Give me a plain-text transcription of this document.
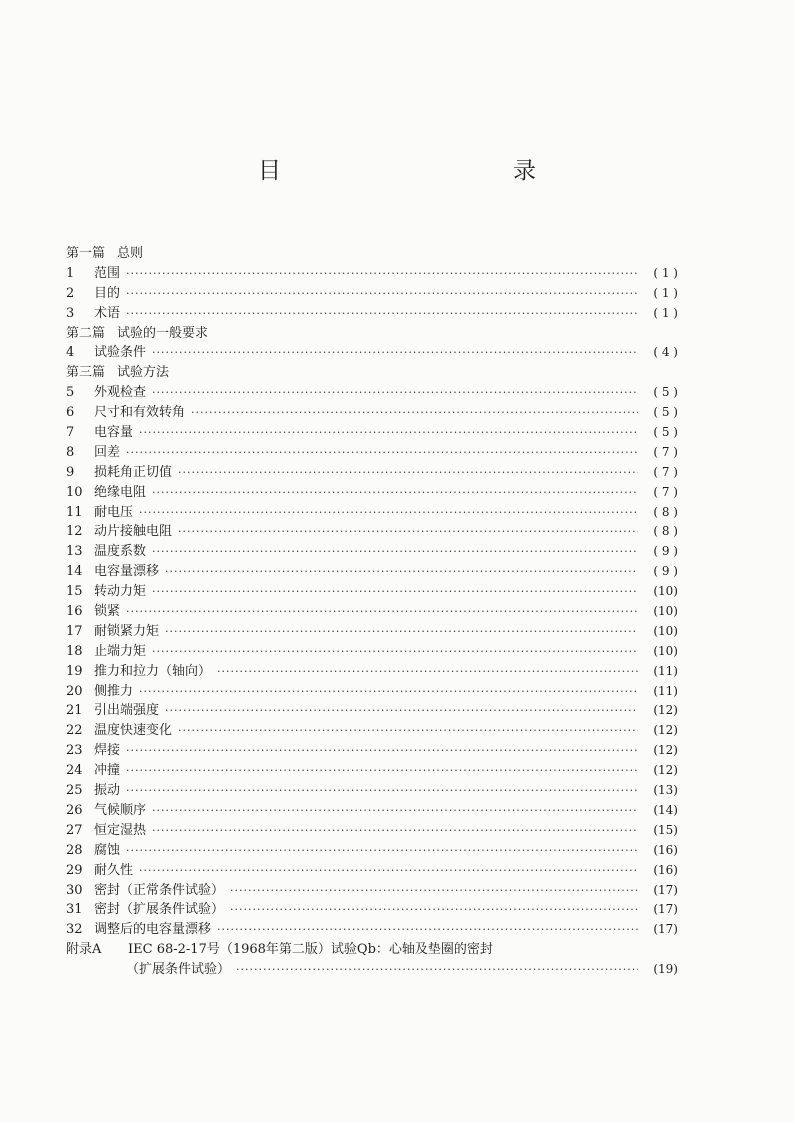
目　　录
第一篇 总则
1	范围 ·····	( 1 )
2	目的 ·····	( 1 )
3	术语 ·····	( 1 )
第二篇 试验的一般要求
4	试验条件 ·····	( 4 )
第三篇 试验方法
5	外观检查 ·····	( 5 )
6	尺寸和有效转角 ·····	( 5 )
7	电容量 ·····	( 5 )
8	回差 ·····	( 7 )
9	损耗角正切值 ·····	( 7 )
10 绝缘电阻 ·····	( 7 )
11 耐电压 ·····	( 8 )
12 动片接触电阻 ·····	( 8 )
13 温度系数 ·····	( 9 )
14 电容量漂移 ·····	( 9 )
15 转动力矩 ·····	(10)
16 锁紧 ·····	(10)
17 耐锁紧力矩 ·····	(10)
18 止端力矩 ·····	(10)
19 推力和拉力（轴向） ·····	(11)
20 侧推力 ·····	(11)
21 引出端强度 ·····	(12)
22 温度快速变化 ·····	(12)
23 焊接 ·····	(12)
24 冲撞 ·····	(12)
25 振动 ·····	(13)
26 气候顺序 ·····	(14)
27 恒定湿热 ·····	(15)
28 腐蚀 ·····	(16)
29 耐久性 ·····	(16)
30 密封（正常条件试验） ·····	(17)
31 密封（扩展条件试验） ·····	(17)
32 调整后的电容量漂移 ·····	(17)
附录A	IEC 68-2-17号（1968年第二版）试验Qb：心轴及垫圈的密封
（扩展条件试验） ·····	(19)
